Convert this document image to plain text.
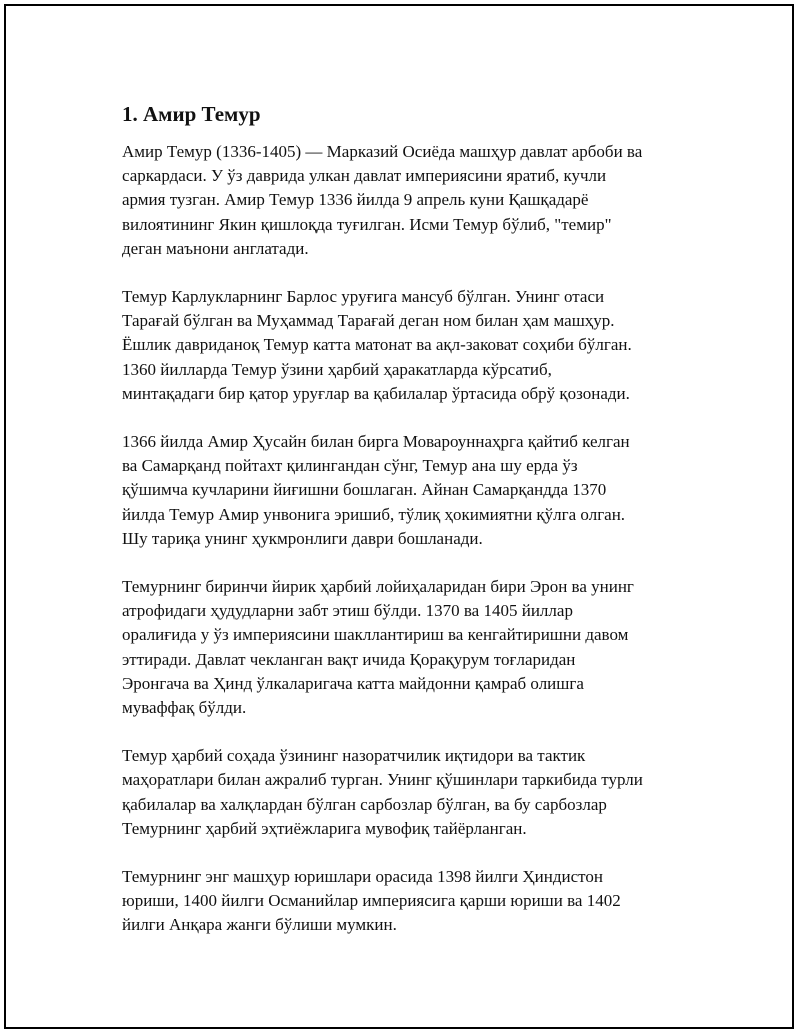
1. Амир Темур

Амир Темур (1336-1405) — Марказий Осиёда машҳур давлат арбоби ва
саркардаси. У ўз даврида улкан давлат империясини яратиб, кучли
армия тузган. Амир Темур 1336 йилда 9 апрель куни Қашқадарё
вилоятининг Якин қишлоқда туғилган. Исми Темур бўлиб, "темир"
деган маънони англатади.

Темур Карлукларнинг Барлос уруғига мансуб бўлган. Унинг отаси
Тарағай бўлган ва Муҳаммад Тарағай деган ном билан ҳам машҳур.
Ёшлик давриданоқ Темур катта матонат ва ақл-заковат соҳиби бўлган.
1360 йилларда Темур ўзини ҳарбий ҳаракатларда кўрсатиб,
минтақадаги бир қатор уруғлар ва қабилалар ўртасида обрў қозонади.

1366 йилда Амир Ҳусайн билан бирга Мовароуннаҳрга қайтиб келган
ва Самарқанд пойтахт қилингандан сўнг, Темур ана шу ерда ўз
қўшимча кучларини йиғишни бошлаган. Айнан Самарқандда 1370
йилда Темур Амир унвонига эришиб, тўлиқ ҳокимиятни қўлга олган.
Шу тариқа унинг ҳукмронлиги даври бошланади.

Темурнинг биринчи йирик ҳарбий лойиҳаларидан бири Эрон ва унинг
атрофидаги ҳудудларни забт этиш бўлди. 1370 ва 1405 йиллар
оралиғида у ўз империясини шакллантириш ва кенгайтиришни давом
эттиради. Давлат чекланган вақт ичида Қорақурум тоғларидан
Эронгача ва Ҳинд ўлкаларигача катта майдонни қамраб олишга
муваффақ бўлди.

Темур ҳарбий соҳада ўзининг назоратчилик иқтидори ва тактик
маҳоратлари билан ажралиб турган. Унинг қўшинлари таркибида турли
қабилалар ва халқлардан бўлган сарбозлар бўлган, ва бу сарбозлар
Темурнинг ҳарбий эҳтиёжларига мувофиқ тайёрланган.

Темурнинг энг машҳур юришлари орасида 1398 йилги Ҳиндистон
юриши, 1400 йилги Османийлар империясига қарши юриши ва 1402
йилги Анқара жанги бўлиши мумкин.
